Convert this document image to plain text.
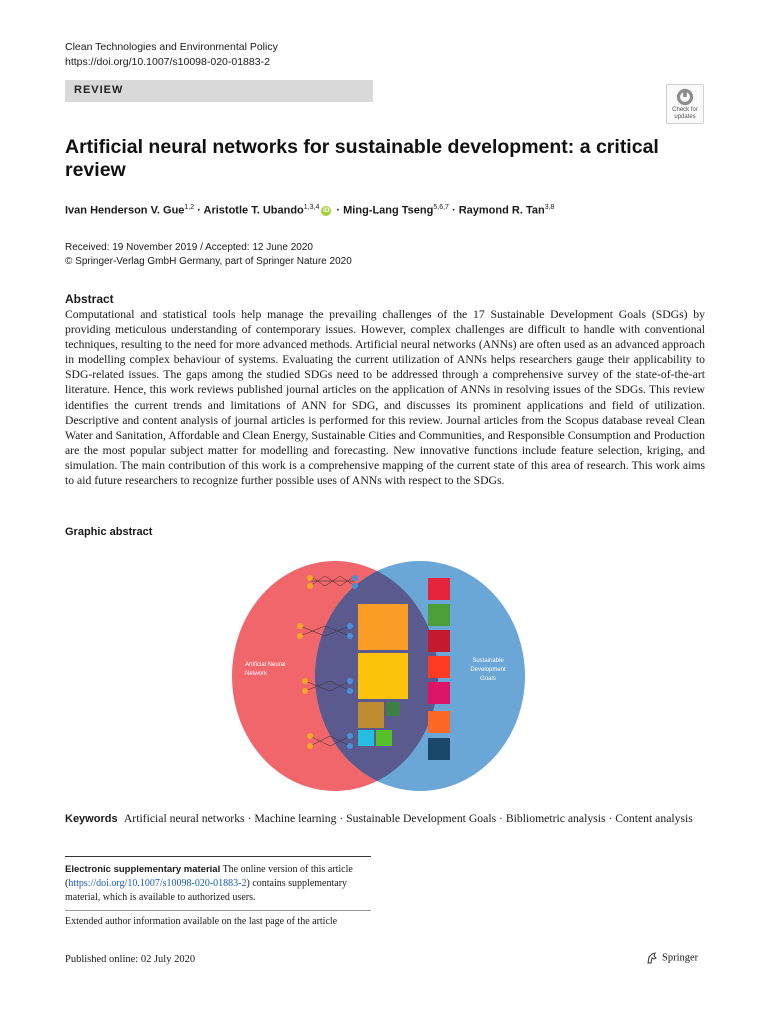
Clean Technologies and Environmental Policy
https://doi.org/10.1007/s10098-020-01883-2
REVIEW
Check for
updates
Artificial neural networks for sustainable development: a critical review
Ivan Henderson V. Gue$^{1,2}$ · Aristotle T. Ubando$^{1,3,4}$ iD · Ming-Lang Tseng$^{5,6,7}$ · Raymond R. Tan$^{3,8}$
Received: 19 November 2019 / Accepted: 12 June 2020
© Springer-Verlag GmbH Germany, part of Springer Nature 2020
Abstract
Computational and statistical tools help manage the prevailing challenges of the 17 Sustainable Development Goals (SDGs) by providing meticulous understanding of contemporary issues. However, complex challenges are difficult to handle with conventional techniques, resulting to the need for more advanced methods. Artificial neural networks (ANNs) are often used as an advanced approach in modelling complex behaviour of systems. Evaluating the current utilization of ANNs helps researchers gauge their applicability to SDG-related issues. The gaps among the studied SDGs need to be addressed through a comprehensive survey of the state-of-the-art literature. Hence, this work reviews published journal articles on the application of ANNs in resolving issues of the SDGs. This review identifies the current trends and limitations of ANN for SDG, and discusses its prominent applications and field of utilization. Descriptive and content analysis of journal articles is performed for this review. Journal articles from the Scopus database reveal Clean Water and Sanitation, Affordable and Clean Energy, Sustainable Cities and Communities, and Responsible Consumption and Production are the most popular subject matter for modelling and forecasting. New innovative functions include feature selection, kriging, and simulation. The main contribution of this work is a comprehensive mapping of the current state of this area of research. This work aims to aid future researchers to recognize further possible uses of ANNs with respect to the SDGs.
Graphic abstract
Artificial Neural
Network
Sustainable
Development
Goals
Keywords Artificial neural networks · Machine learning · Sustainable Development Goals · Bibliometric analysis · Content analysis
Electronic supplementary material The online version of this article (https://doi.org/10.1007/s10098-020-01883-2) contains supplementary material, which is available to authorized users.
Extended author information available on the last page of the article
Published online: 02 July 2020	Springer
